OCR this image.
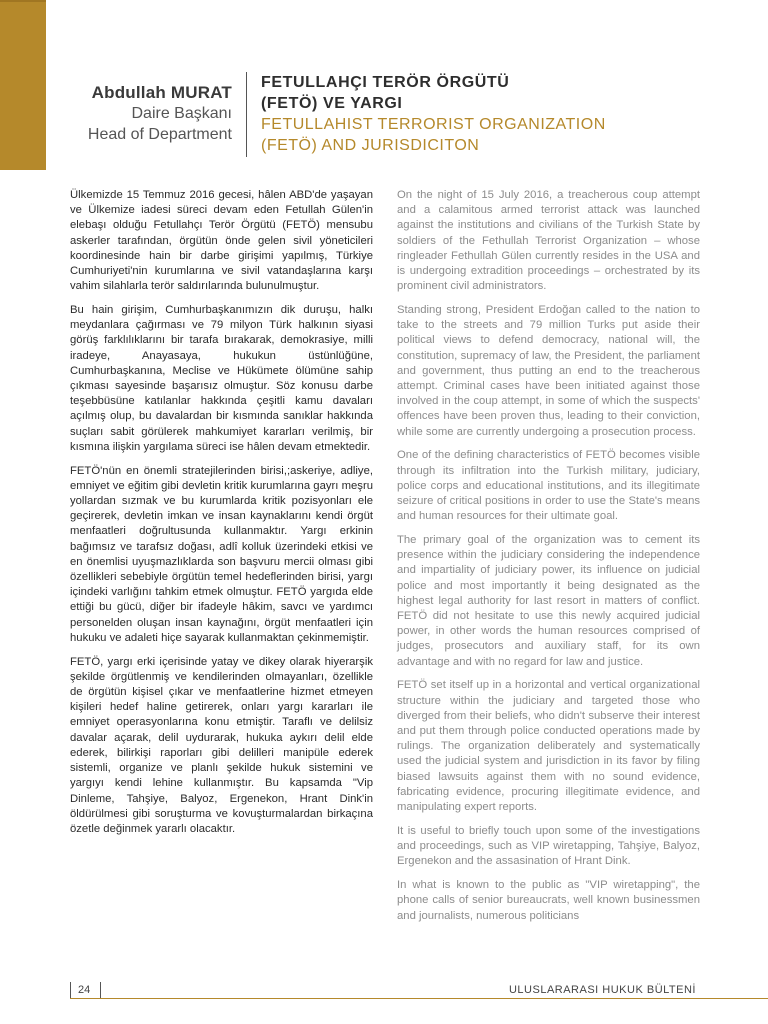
Abdullah MURAT
Daire Başkanı
Head of Department
FETULLAHÇI TERÖR ÖRGÜTÜ
(FETÖ) VE YARGI
FETULLAHIST TERRORIST ORGANIZATION
(FETÖ) AND JURISDICITON

Ülkemizde 15 Temmuz 2016 gecesi, hâlen ABD'de yaşayan ve Ülkemize iadesi süreci devam eden Fetullah Gülen'in elebaşı olduğu Fetullahçı Terör Örgütü (FETÖ) mensubu askerler tarafından, örgütün önde gelen sivil yöneticileri koordinesinde hain bir darbe girişimi yapılmış, Türkiye Cumhuriyeti'nin kurumlarına ve sivil vatandaşlarına karşı vahim silahlarla terör saldırılarında bulunulmuştur.

Bu hain girişim, Cumhurbaşkanımızın dik duruşu, halkı meydanlara çağırması ve 79 milyon Türk halkının siyasi görüş farklılıklarını bir tarafa bırakarak, demokrasiye, milli iradeye, Anayasaya, hukukun üstünlüğüne, Cumhurbaşkanına, Meclise ve Hükümete ölümüne sahip çıkması sayesinde başarısız olmuştur. Söz konusu darbe teşebbüsüne katılanlar hakkında çeşitli kamu davaları açılmış olup, bu davalardan bir kısmında sanıklar hakkında suçları sabit görülerek mahkumiyet kararları verilmiş, bir kısmına ilişkin yargılama süreci ise hâlen devam etmektedir.

FETÖ'nün en önemli stratejilerinden birisi,;askeriye, adliye, emniyet ve eğitim gibi devletin kritik kurumlarına gayrı meşru yollardan sızmak ve bu kurumlarda kritik pozisyonları ele geçirerek, devletin imkan ve insan kaynaklarını kendi örgüt menfaatleri doğrultusunda kullanmaktır. Yargı erkinin bağımsız ve tarafsız doğası, adlî kolluk üzerindeki etkisi ve en önemlisi uyuşmazlıklarda son başvuru mercii olması gibi özellikleri sebebiyle örgütün temel hedeflerinden birisi, yargı içindeki varlığını tahkim etmek olmuştur. FETÖ yargıda elde ettiği bu gücü, diğer bir ifadeyle hâkim, savcı ve yardımcı personelden oluşan insan kaynağını, örgüt menfaatleri için hukuku ve adaleti hiçe sayarak kullanmaktan çekinmemiştir.

FETÖ, yargı erki içerisinde yatay ve dikey olarak hiyerarşik şekilde örgütlenmiş ve kendilerinden olmayanları, özellikle de örgütün kişisel çıkar ve menfaatlerine hizmet etmeyen kişileri hedef haline getirerek, onları yargı kararları ile emniyet operasyonlarına konu etmiştir. Taraflı ve delilsiz davalar açarak, delil uydurarak, hukuka aykırı delil elde ederek, bilirkişi raporları gibi delilleri manipüle ederek sistemli, organize ve planlı şekilde hukuk sistemini ve yargıyı kendi lehine kullanmıştır. Bu kapsamda "Vip Dinleme, Tahşiye, Balyoz, Ergenekon, Hrant Dink'in öldürülmesi gibi soruşturma ve kovuşturmalardan birkaçına özetle değinmek yararlı olacaktır.

On the night of 15 July 2016, a treacherous coup attempt and a calamitous armed terrorist attack was launched against the institutions and civilians of the Turkish State by soldiers of the Fethullah Terrorist Organization – whose ringleader Fethullah Gülen currently resides in the USA and is undergoing extradition proceedings – orchestrated by its prominent civil administrators.

Standing strong, President Erdoğan called to the nation to take to the streets and 79 million Turks put aside their political views to defend democracy, national will, the constitution, supremacy of law, the President, the parliament and government, thus putting an end to the treacherous attempt. Criminal cases have been initiated against those involved in the coup attempt, in some of which the suspects' offences have been proven thus, leading to their conviction, while some are currently undergoing a prosecution process.

One of the defining characteristics of FETÖ becomes visible through its infiltration into the Turkish military, judiciary, police corps and educational institutions, and its illegitimate seizure of critical positions in order to use the State's means and human resources for their ultimate goal.

The primary goal of the organization was to cement its presence within the judiciary considering the independence and impartiality of judiciary power, its influence on judicial police and most importantly it being designated as the highest legal authority for last resort in matters of conflict. FETÖ did not hesitate to use this newly acquired judicial power, in other words the human resources comprised of judges, prosecutors and auxiliary staff, for its own advantage and with no regard for law and justice.

FETÖ set itself up in a horizontal and vertical organizational structure within the judiciary and targeted those who diverged from their beliefs, who didn't subserve their interest and put them through police conducted operations made by rulings. The organization deliberately and systematically used the judicial system and jurisdiction in its favor by filing biased lawsuits against them with no sound evidence, fabricating evidence, procuring illegitimate evidence, and manipulating expert reports.

It is useful to briefly touch upon some of the investigations and proceedings, such as VIP wiretapping, Tahşiye, Balyoz, Ergenekon and the assasination of Hrant Dink.

In what is known to the public as "VIP wiretapping", the phone calls of senior bureaucrats, well known businessmen and journalists, numerous politicians

24	ULUSLARARASI HUKUK BÜLTENİ
